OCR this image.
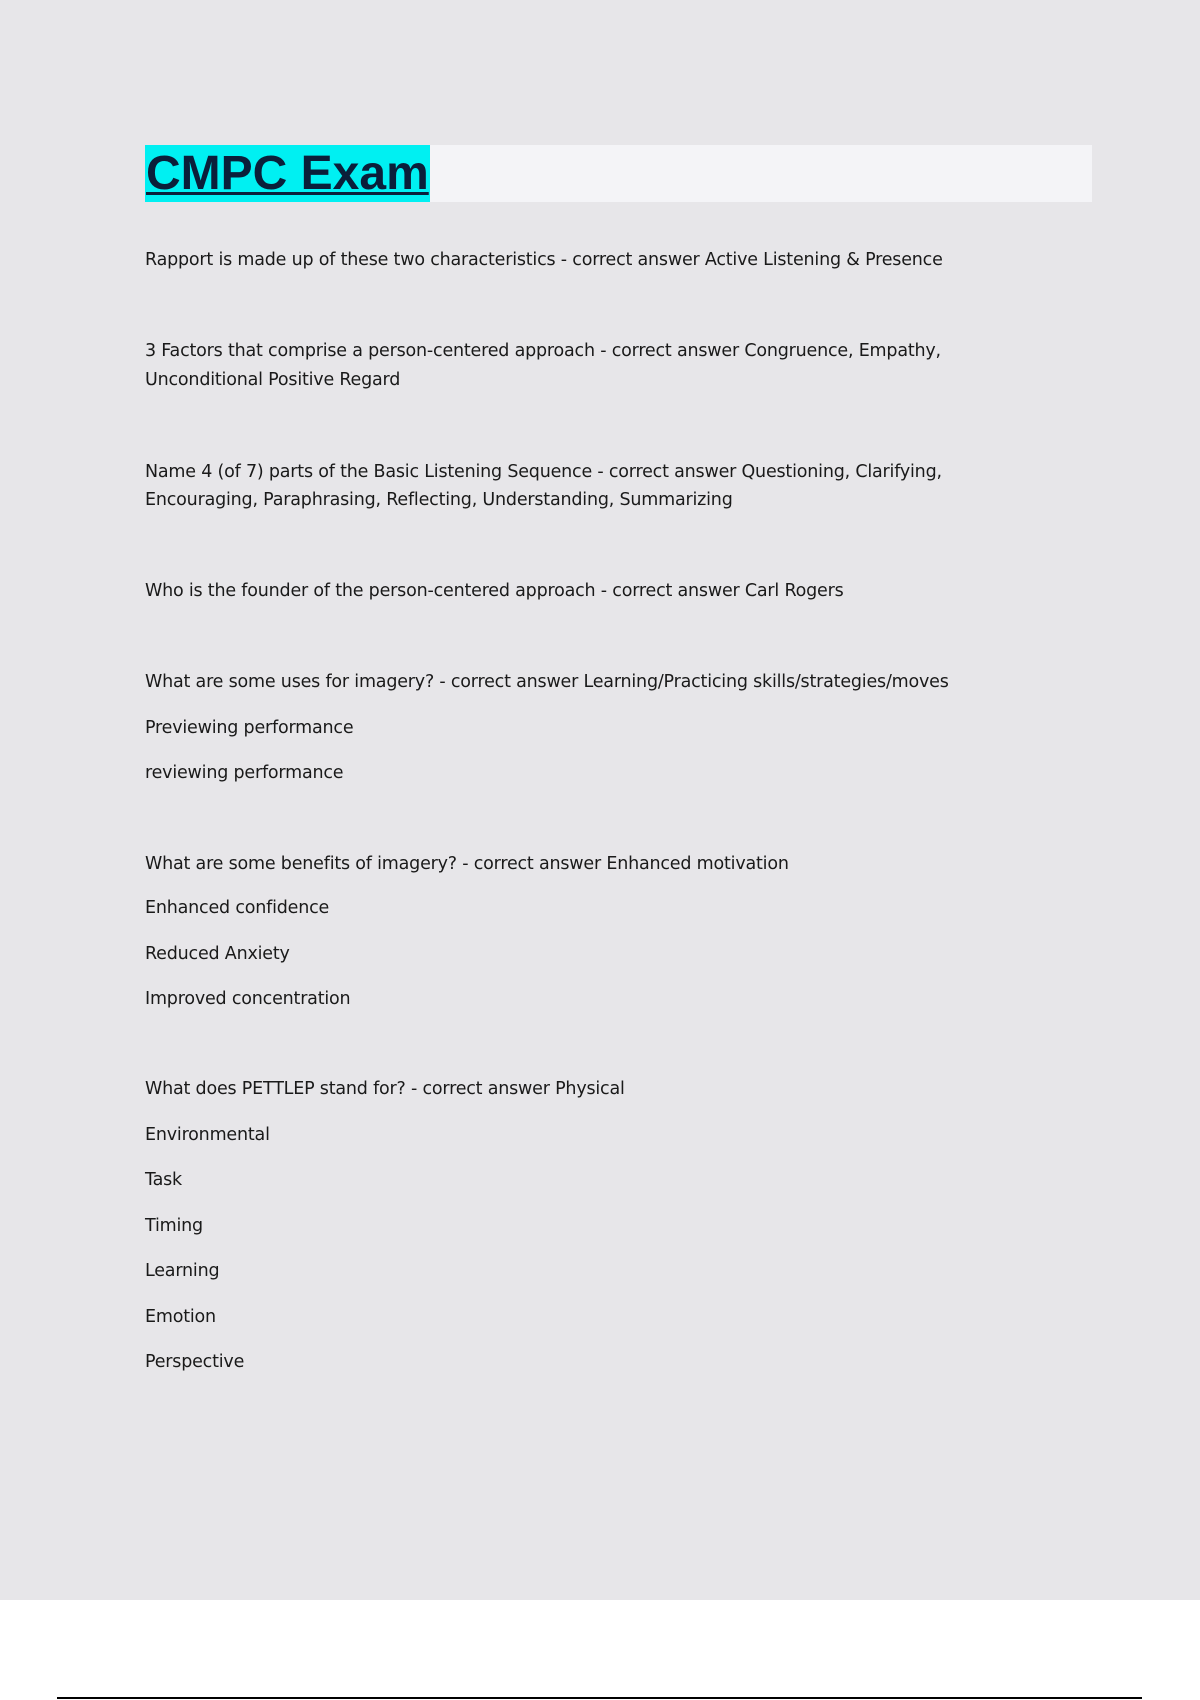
CMPC Exam
Rapport is made up of these two characteristics - correct answer Active Listening & Presence
3 Factors that comprise a person-centered approach - correct answer Congruence, Empathy,
Unconditional Positive Regard
Name 4 (of 7) parts of the Basic Listening Sequence - correct answer Questioning, Clarifying,
Encouraging, Paraphrasing, Reflecting, Understanding, Summarizing
Who is the founder of the person-centered approach - correct answer Carl Rogers
What are some uses for imagery? - correct answer Learning/Practicing skills/strategies/moves
Previewing performance
reviewing performance
What are some benefits of imagery? - correct answer Enhanced motivation
Enhanced confidence
Reduced Anxiety
Improved concentration
What does PETTLEP stand for? - correct answer Physical
Environmental
Task
Timing
Learning
Emotion
Perspective
